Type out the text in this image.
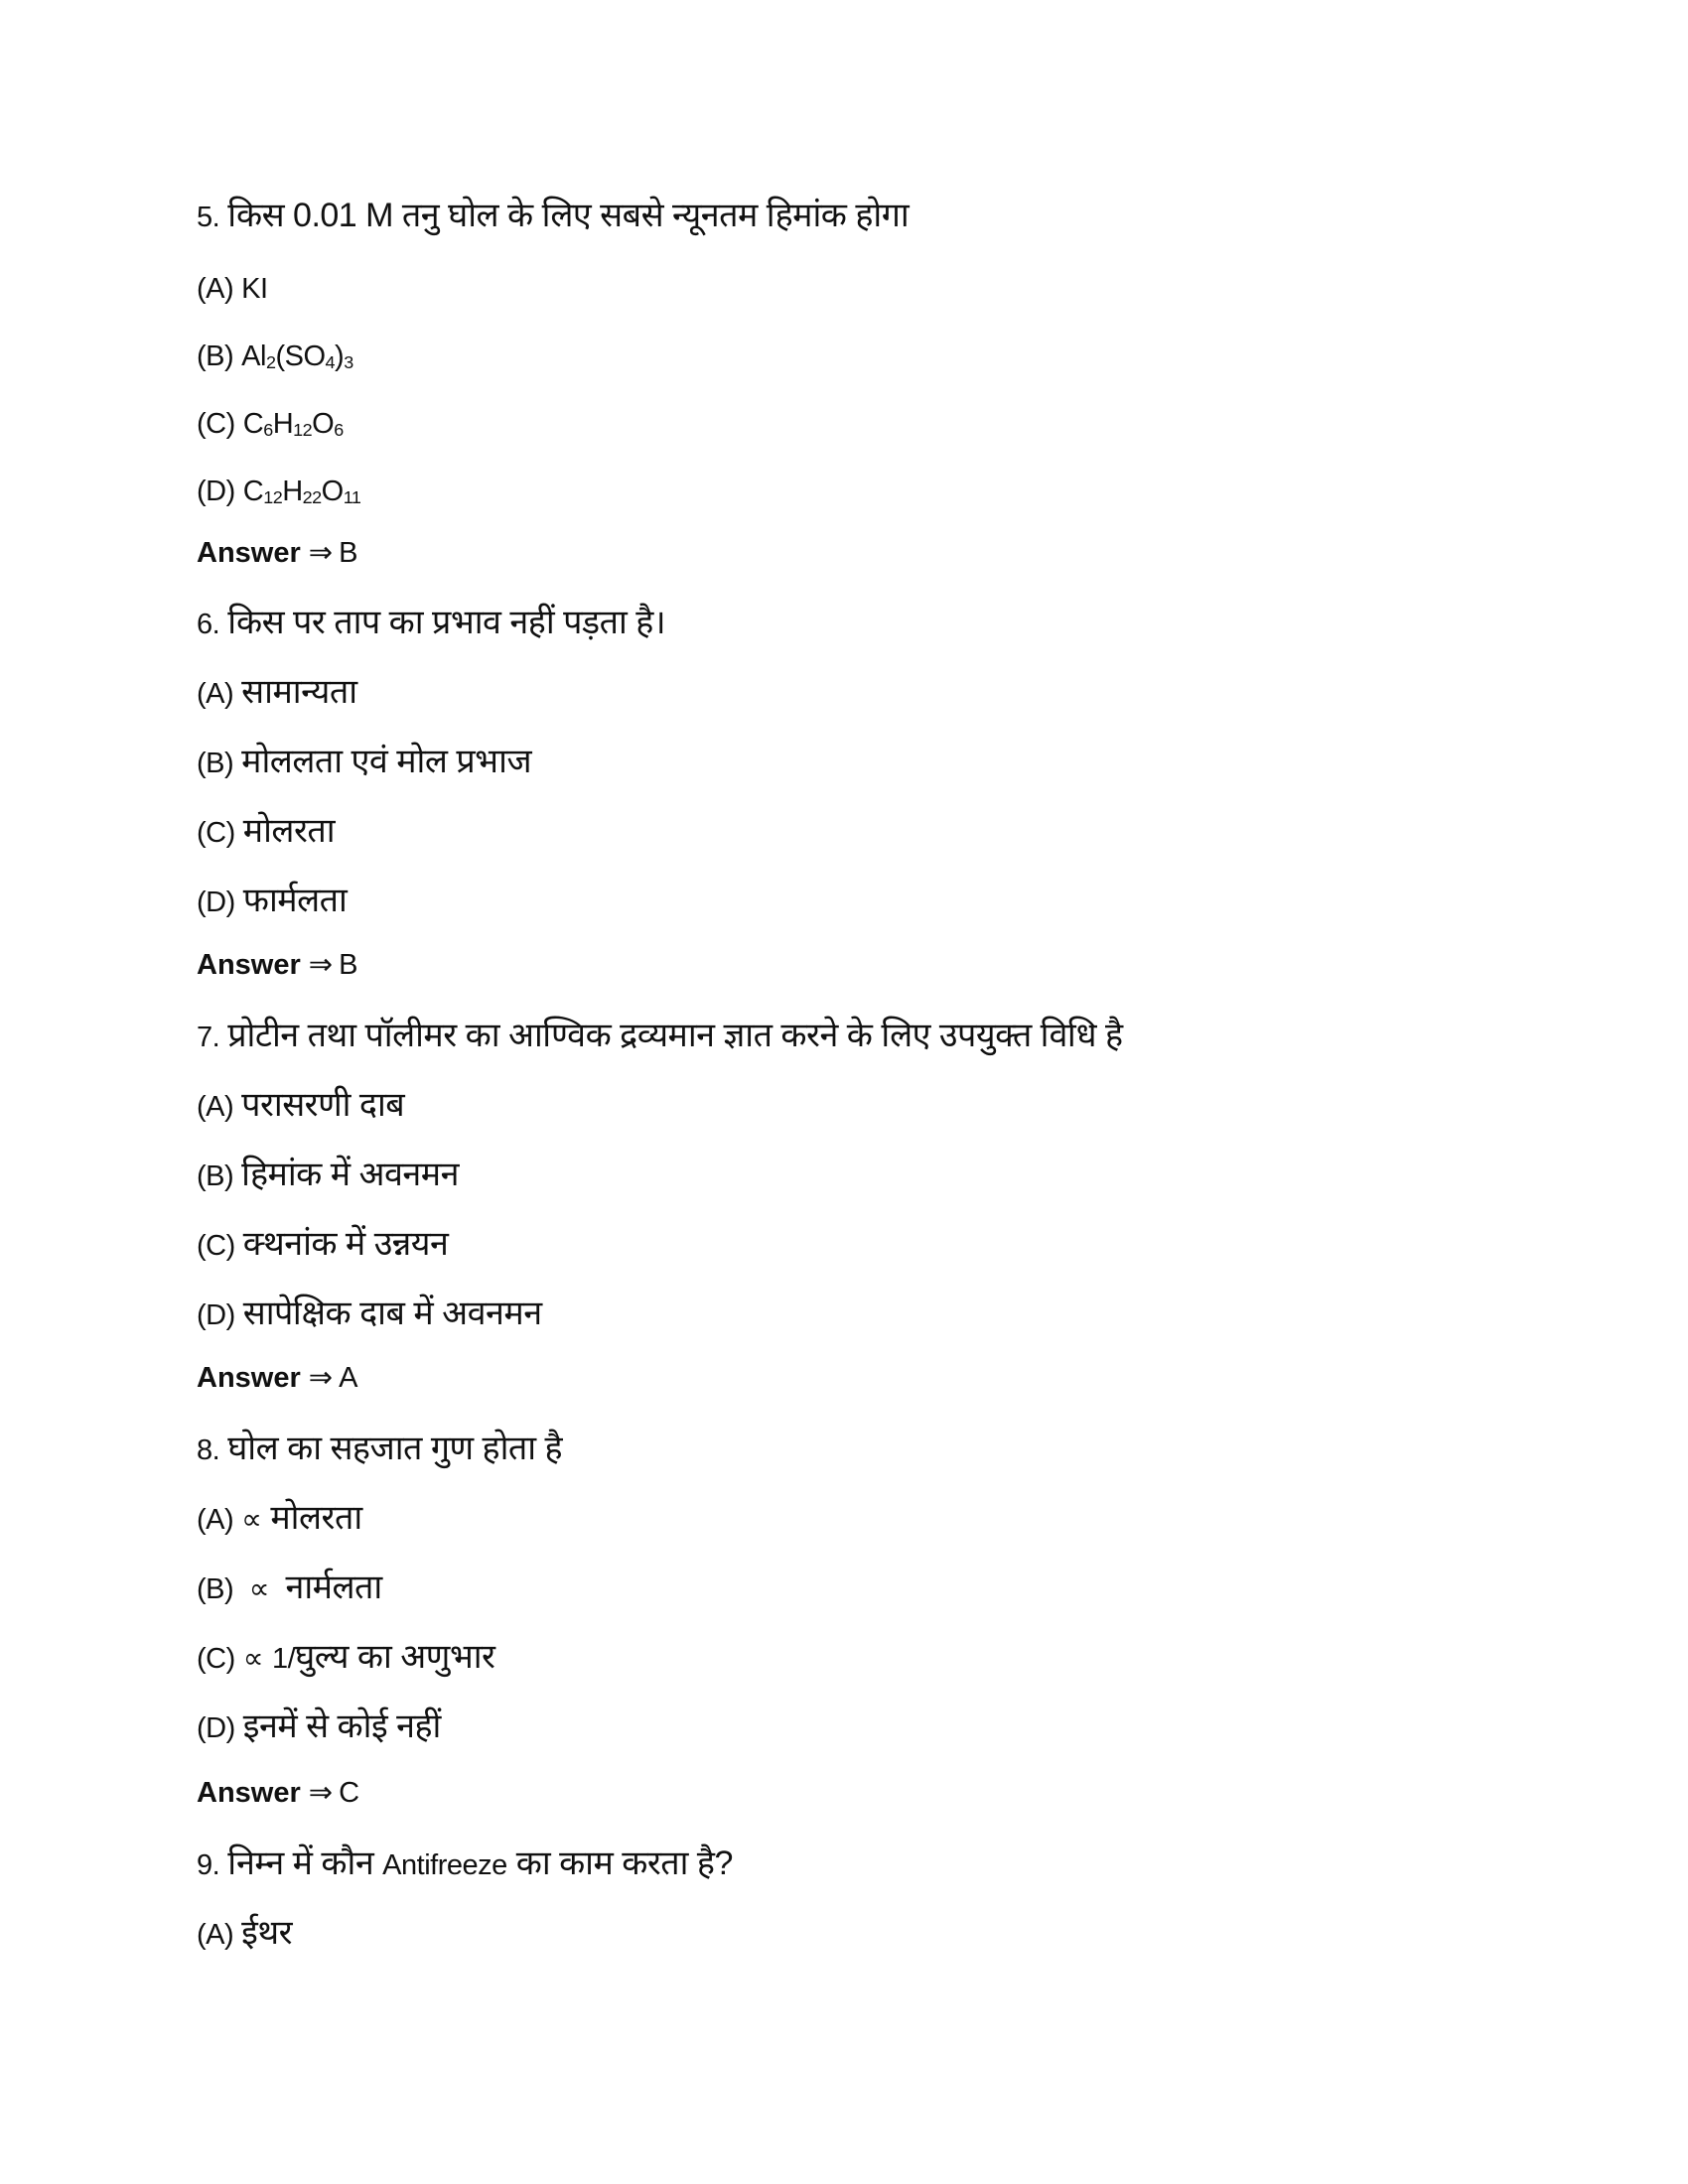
5. किस 0.01 M तनु घोल के लिए सबसे न्यूनतम हिमांक होगा
(A) KI
(B) $Al_2(SO_4)_3$
(C) $C_6H_{12}O_6$
(D) $C_{12}H_{22}O_{11}$
Answer ⇒ B
6. किस पर ताप का प्रभाव नहीं पड़ता है।
(A) सामान्यता
(B) मोललता एवं मोल प्रभाज
(C) मोलरता
(D) फार्मलता
Answer ⇒ B
7. प्रोटीन तथा पॉलीमर का आण्विक द्रव्यमान ज्ञात करने के लिए उपयुक्त विधि है
(A) परासरणी दाब
(B) हिमांक में अवनमन
(C) क्थनांक में उन्नयन
(D) सापेक्षिक दाब में अवनमन
Answer ⇒ A
8. घोल का सहजात गुण होता है
(A) ∝ मोलरता
(B) ∝  नार्मलता
(C) ∝ 1/घुल्य का अणुभार
(D) इनमें से कोई नहीं
Answer ⇒ C
9. निम्न में कौन Antifreeze का काम करता है?
(A) ईथर
